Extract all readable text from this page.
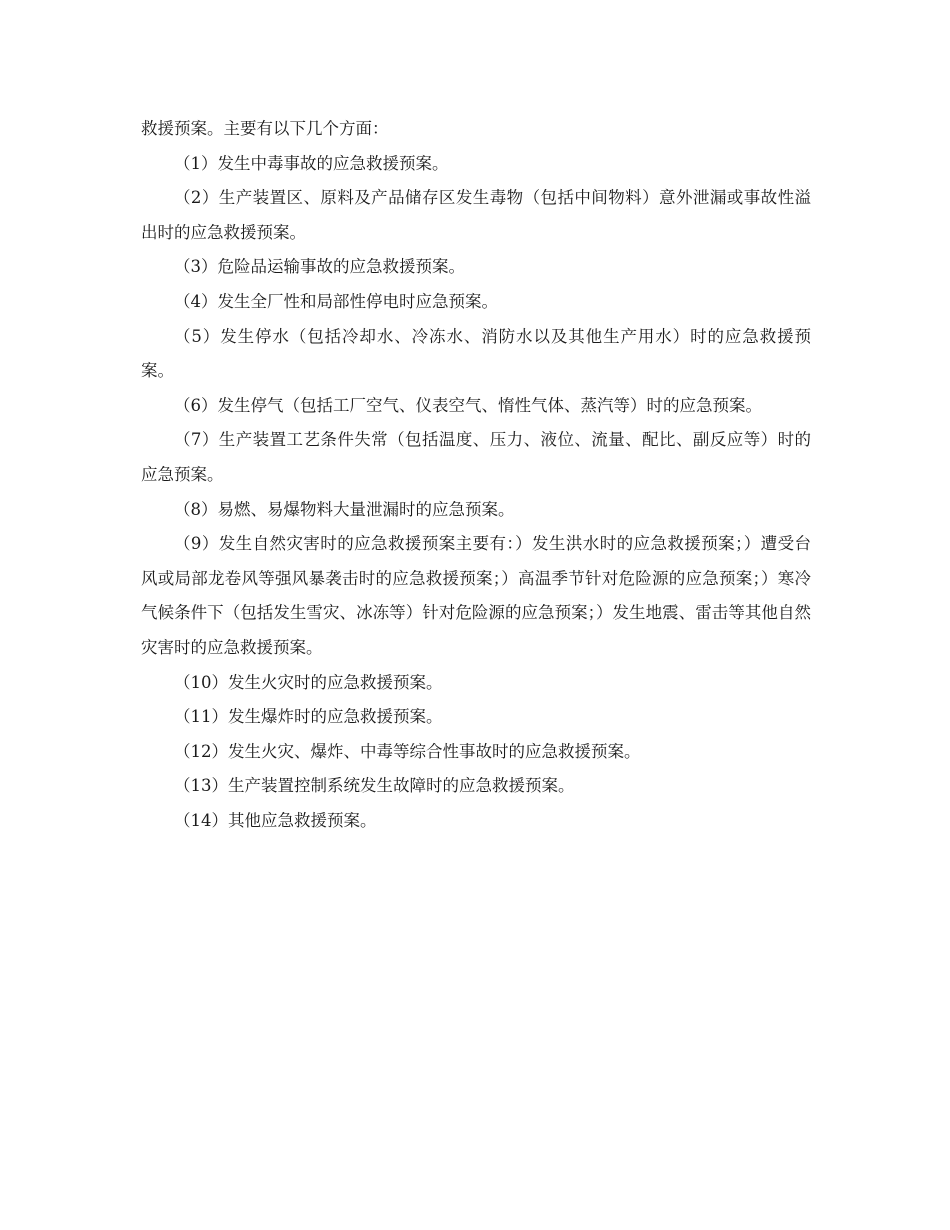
救援预案。主要有以下几个方面：

（1）发生中毒事故的应急救援预案。

（2）生产装置区、原料及产品储存区发生毒物（包括中间物料）意外泄漏或事故性溢出时的应急救援预案。

（3）危险品运输事故的应急救援预案。

（4）发生全厂性和局部性停电时应急预案。

（5）发生停水（包括冷却水、冷冻水、消防水以及其他生产用水）时的应急救援预案。

（6）发生停气（包括工厂空气、仪表空气、惰性气体、蒸汽等）时的应急预案。

（7）生产装置工艺条件失常（包括温度、压力、液位、流量、配比、副反应等）时的应急预案。

（8）易燃、易爆物料大量泄漏时的应急预案。

（9）发生自然灾害时的应急救援预案主要有：）发生洪水时的应急救援预案；）遭受台风或局部龙卷风等强风暴袭击时的应急救援预案；）高温季节针对危险源的应急预案；）寒冷气候条件下（包括发生雪灾、冰冻等）针对危险源的应急预案；）发生地震、雷击等其他自然灾害时的应急救援预案。

（10）发生火灾时的应急救援预案。

（11）发生爆炸时的应急救援预案。

（12）发生火灾、爆炸、中毒等综合性事故时的应急救援预案。

（13）生产装置控制系统发生故障时的应急救援预案。

（14）其他应急救援预案。
